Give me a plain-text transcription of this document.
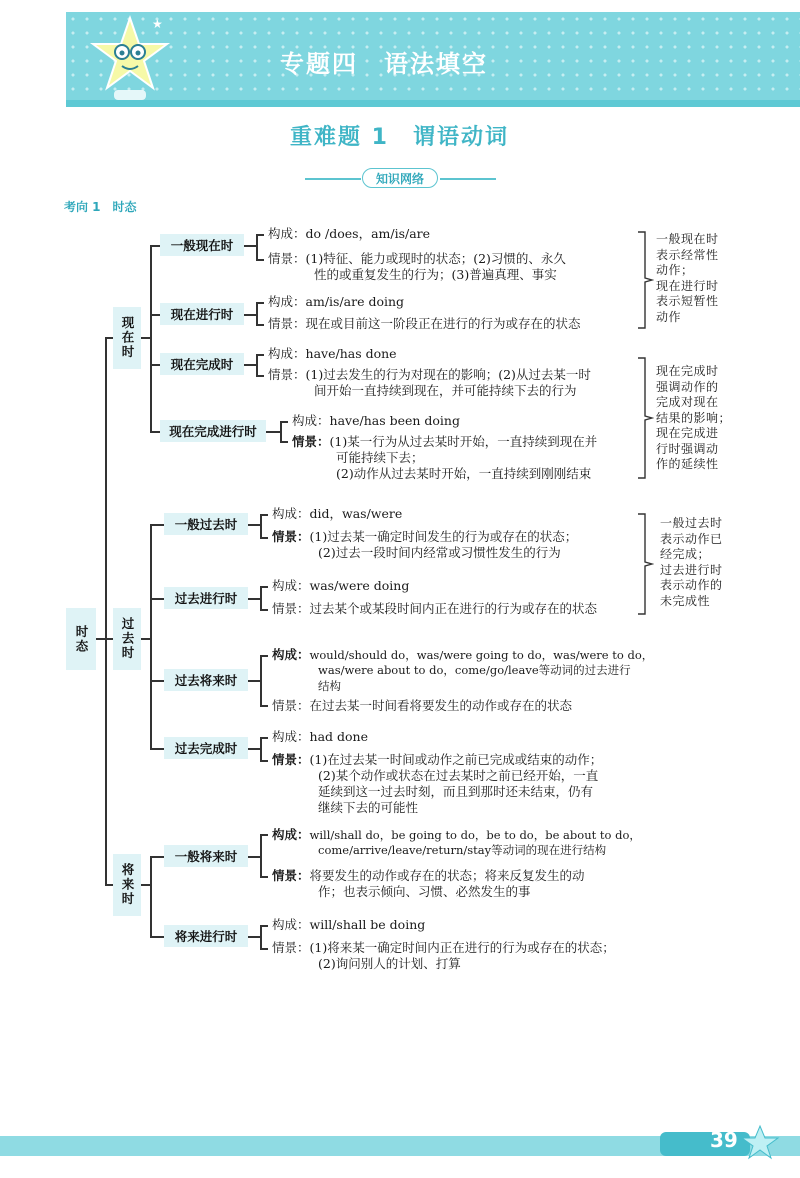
★
专题四　语法填空
重难题 1　谓语动词
知识网络
考向 1　时态
时态
现在时
过去时
将来时
一般现在时
现在进行时
现在完成时
现在完成进行时
一般过去时
过去进行时
过去将来时
过去完成时
一般将来时
将来进行时
构成：do /does，am/is/are
情景：(1)特征、能力或现时的状态；(2)习惯的、永久
性的或重复发生的行为；(3)普遍真理、事实
构成：am/is/are doing
情景：现在或目前这一阶段正在进行的行为或存在的状态
构成：have/has done
情景：(1)过去发生的行为对现在的影响；(2)从过去某一时
间开始一直持续到现在，并可能持续下去的行为
构成：have/has been doing
情景：(1)某一行为从过去某时开始，一直持续到现在并
可能持续下去；
(2)动作从过去某时开始，一直持续到刚刚结束
构成：did，was/were
情景：(1)过去某一确定时间发生的行为或存在的状态；
(2)过去一段时间内经常或习惯性发生的行为
构成：was/were doing
情景：过去某个或某段时间内正在进行的行为或存在的状态
构成：would/should do，was/were going to do，was/were to do，
was/were about to do，come/go/leave等动词的过去进行
结构
情景：在过去某一时间看将要发生的动作或存在的状态
构成：had done
情景：(1)在过去某一时间或动作之前已完成或结束的动作；
(2)某个动作或状态在过去某时之前已经开始，一直
延续到这一过去时刻，而且到那时还未结束，仍有
继续下去的可能性
构成：will/shall do，be going to do，be to do，be about to do，
come/arrive/leave/return/stay等动词的现在进行结构
情景：将要发生的动作或存在的状态；将来反复发生的动
作；也表示倾向、习惯、必然发生的事
构成：will/shall be doing
情景：(1)将来某一确定时间内正在进行的行为或存在的状态；
(2)询问别人的计划、打算
一般现在时
表示经常性
动作；
现在进行时
表示短暂性
动作
现在完成时
强调动作的
完成对现在
结果的影响；
现在完成进
行时强调动
作的延续性
一般过去时
表示动作已
经完成；
过去进行时
表示动作的
未完成性
39
